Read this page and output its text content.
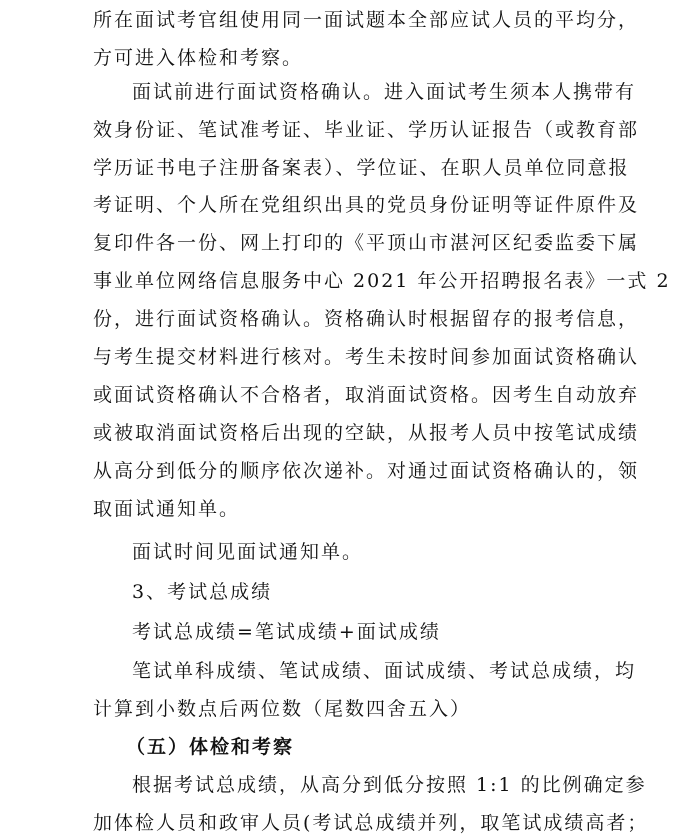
所在面试考官组使用同一面试题本全部应试人员的平均分，
方可进入体检和考察。
面试前进行面试资格确认。进入面试考生须本人携带有
效身份证、笔试准考证、毕业证、学历认证报告（或教育部
学历证书电子注册备案表）、学位证、在职人员单位同意报
考证明、个人所在党组织出具的党员身份证明等证件原件及
复印件各一份、网上打印的《平顶山市湛河区纪委监委下属
事业单位网络信息服务中心 2021 年公开招聘报名表》一式 2
份，进行面试资格确认。资格确认时根据留存的报考信息，
与考生提交材料进行核对。考生未按时间参加面试资格确认
或面试资格确认不合格者，取消面试资格。因考生自动放弃
或被取消面试资格后出现的空缺，从报考人员中按笔试成绩
从高分到低分的顺序依次递补。对通过面试资格确认的，领
取面试通知单。
面试时间见面试通知单。
3、考试总成绩
考试总成绩=笔试成绩+面试成绩
笔试单科成绩、笔试成绩、面试成绩、考试总成绩，均
计算到小数点后两位数（尾数四舍五入）
（五）体检和考察
根据考试总成绩，从高分到低分按照 1:1 的比例确定参
加体检人员和政审人员(考试总成绩并列，取笔试成绩高者；
